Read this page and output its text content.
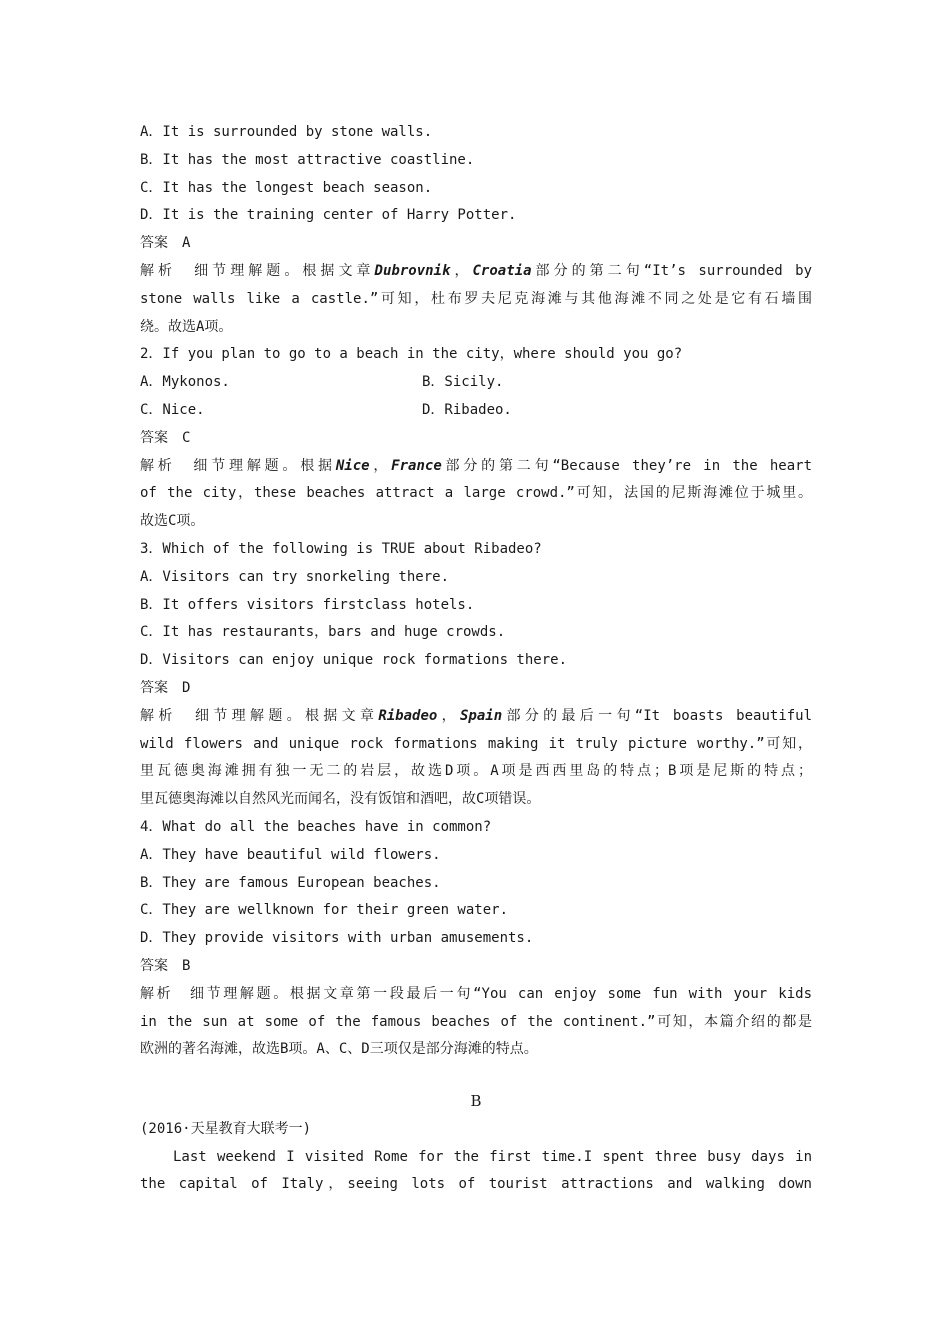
A．It is surrounded by stone walls.

B．It has the most attractive coastline.

C．It has the longest beach season.

D．It is the training center of Harry Potter.

答案 A

解析 细节理解题。根据文章Dubrovnik，Croatia部分的第二句“It’s surrounded by

stone walls like a castle.”可知，杜布罗夫尼克海滩与其他海滩不同之处是它有石墙围

绕。故选A项。

2．If you plan to go to a beach in the city，where should you go?

A．Mykonos.	B．Sicily.
C．Nice.	D．Ribadeo.

答案 C

解析 细节理解题。根据Nice，France部分的第二句“Because they’re in the heart

of the city，these beaches attract a large crowd.”可知，法国的尼斯海滩位于城里。

故选C项。

3．Which of the following is TRUE about Ribadeo?

A．Visitors can try snorkeling there.

B．It offers visitors firstclass hotels.

C．It has restaurants，bars and huge crowds.

D．Visitors can enjoy unique rock formations there.

答案 D

解析 细节理解题。根据文章Ribadeo，Spain部分的最后一句“It boasts beautiful

wild flowers and unique rock formations making it truly picture worthy.”可知，

里瓦德奥海滩拥有独一无二的岩层，故选D项。A项是西西里岛的特点；B项是尼斯的特点；

里瓦德奥海滩以自然风光而闻名，没有饭馆和酒吧，故C项错误。

4．What do all the beaches have in common?

A．They have beautiful wild flowers.

B．They are famous European beaches.

C．They are wellknown for their green water.

D．They provide visitors with urban amusements.

答案 B

解析 细节理解题。根据文章第一段最后一句“You can enjoy some fun with your kids

in the sun at some of the famous beaches of the continent.”可知，本篇介绍的都是

欧洲的著名海滩，故选B项。A、C、D三项仅是部分海滩的特点。

B

(2016·天星教育大联考一)

Last weekend I visited Rome for the first time.I spent three busy days in

the capital of Italy，seeing lots of tourist attractions and walking down
